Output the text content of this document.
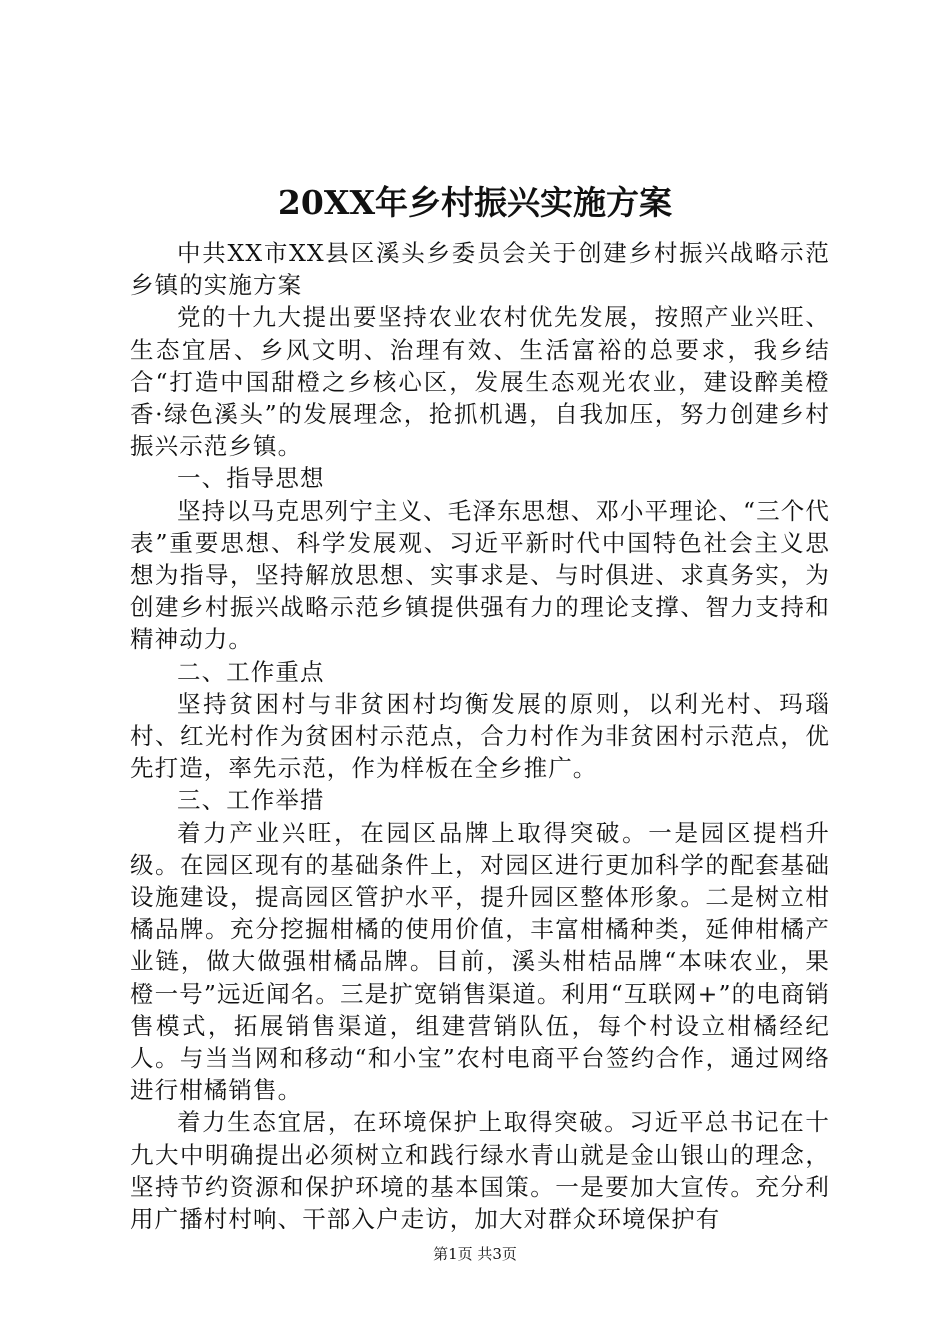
20XX年乡村振兴实施方案

中共XX市XX县区溪头乡委员会关于创建乡村振兴战略示范乡镇的实施方案

党的十九大提出要坚持农业农村优先发展，按照产业兴旺、生态宜居、乡风文明、治理有效、生活富裕的总要求，我乡结合“打造中国甜橙之乡核心区，发展生态观光农业，建设醉美橙香·绿色溪头”的发展理念，抢抓机遇，自我加压，努力创建乡村振兴示范乡镇。

一、指导思想

坚持以马克思列宁主义、毛泽东思想、邓小平理论、“三个代表”重要思想、科学发展观、习近平新时代中国特色社会主义思想为指导，坚持解放思想、实事求是、与时俱进、求真务实，为创建乡村振兴战略示范乡镇提供强有力的理论支撑、智力支持和精神动力。

二、工作重点

坚持贫困村与非贫困村均衡发展的原则，以利光村、玛瑙村、红光村作为贫困村示范点，合力村作为非贫困村示范点，优先打造，率先示范，作为样板在全乡推广。

三、工作举措

着力产业兴旺，在园区品牌上取得突破。一是园区提档升级。在园区现有的基础条件上，对园区进行更加科学的配套基础设施建设，提高园区管护水平，提升园区整体形象。二是树立柑橘品牌。充分挖掘柑橘的使用价值，丰富柑橘种类，延伸柑橘产业链，做大做强柑橘品牌。目前，溪头柑桔品牌“本味农业，果橙一号”远近闻名。三是扩宽销售渠道。利用“互联网+”的电商销售模式，拓展销售渠道，组建营销队伍，每个村设立柑橘经纪人。与当当网和移动“和小宝”农村电商平台签约合作，通过网络进行柑橘销售。

着力生态宜居，在环境保护上取得突破。习近平总书记在十九大中明确提出必须树立和践行绿水青山就是金山银山的理念，坚持节约资源和保护环境的基本国策。一是要加大宣传。充分利用广播村村响、干部入户走访，加大对群众环境保护有

第1页 共3页
